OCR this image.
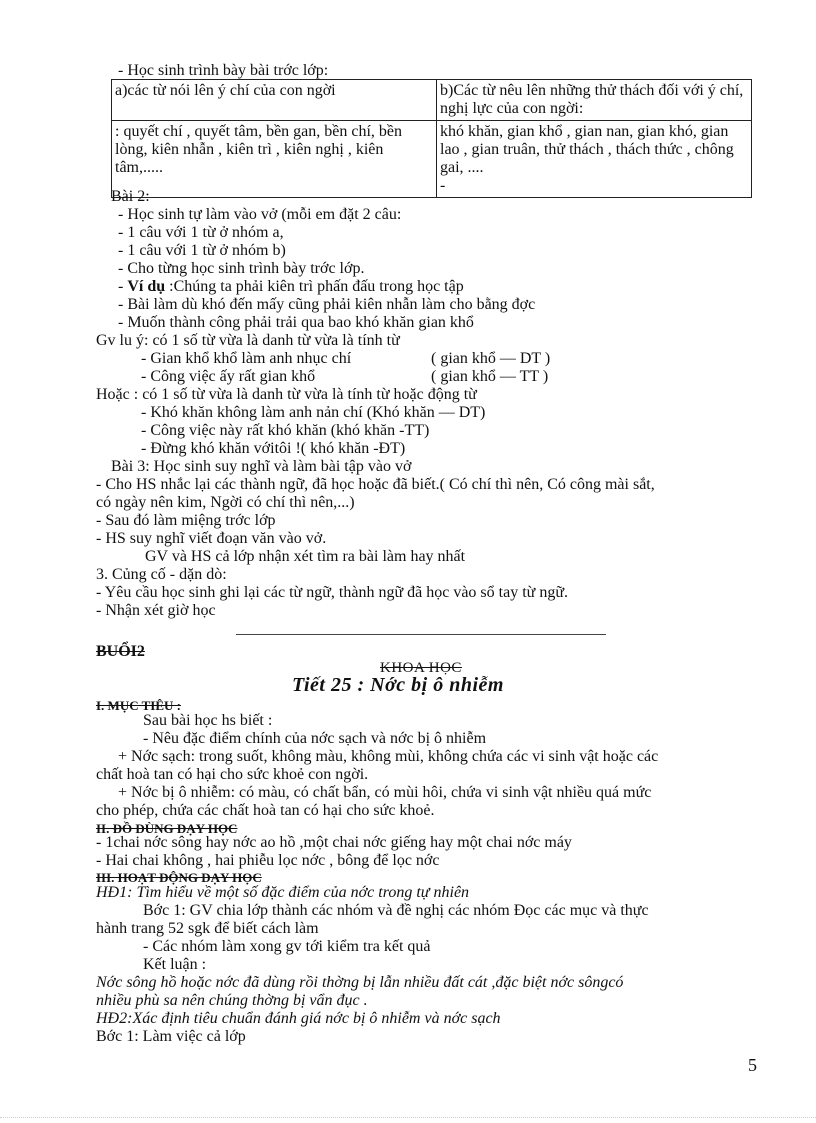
- Học sinh trình bày bài trớc lớp:
a)các từ nói lên ý chí của con ngời	b)Các từ nêu lên những thử thách đối với ý chí, nghị lực của con ngời:
: quyết chí , quyết tâm, bền gan, bền chí, bền lòng, kiên nhẫn , kiên trì , kiên nghị , kiên tâm,.....	khó khăn, gian khổ , gian nan, gian khó, gian lao , gian truân, thử thách , thách thức , chông gai, ....
-
Bài 2:
- Học sinh tự làm vào vở (mỗi em đặt 2 câu:
- 1 câu với 1 từ ở nhóm a,
- 1 câu với 1 từ ở nhóm b)
- Cho từng học sinh trình bày trớc lớp.
- Ví dụ :Chúng ta phải kiên trì phấn đấu trong học tập
- Bài làm dù khó đến mấy cũng phải kiên nhẫn làm cho bằng đợc
- Muốn thành công phải trải qua bao khó khăn gian khổ
Gv lu ý: có 1 số từ vừa là danh từ vừa là tính từ
- Gian khổ khổ làm anh nhục chí	( gian khổ — DT )
- Công việc ấy rất gian khổ	( gian khổ — TT )
Hoặc : có 1 số từ vừa là danh từ vừa là tính từ hoặc động từ
- Khó khăn không làm anh nản chí (Khó khăn — DT)
- Công việc này rất khó khăn (khó khăn -TT)
- Đừng khó khăn vớitôi !( khó khăn -ĐT)
Bài 3: Học sinh suy nghĩ và làm bài tập vào vở
- Cho HS nhắc lại các thành ngữ, đã học hoặc đã biết.( Có chí thì nên, Có công mài sắt,
có ngày nên kim, Ngời có chí thì nên,...)
- Sau đó làm miệng trớc lớp
- HS suy nghĩ viết đoạn văn vào vở.
GV và HS cả lớp nhận xét tìm ra bài làm hay nhất
3. Củng cố - dặn dò:
- Yêu cầu học sinh ghi lại các từ ngữ, thành ngữ đã học vào sổ tay từ ngữ.
- Nhận xét giờ học
BUỔI2
KHOA HỌC
Tiết 25 : Nớc bị ô nhiễm
I. MỤC TIÊU :
Sau bài học hs biết :
- Nêu đặc điểm chính của nớc sạch và nớc bị ô nhiễm
+ Nớc sạch: trong suốt, không màu, không mùi, không chứa các vi sinh vật hoặc các
chất hoà tan có hại cho sức khoẻ con ngời.
+ Nớc bị ô nhiễm: có màu, có chất bẩn, có mùi hôi, chứa vi sinh vật nhiều quá mức
cho phép, chứa các chất hoà tan có hại cho sức khoẻ.
II. ĐỒ DÙNG DẠY HỌC
- 1chai nớc sông hay nớc ao hồ ,một chai nớc giếng hay một chai nớc máy
- Hai chai không , hai phiễu lọc nớc , bông để lọc nớc
III. HOẠT ĐỘNG DẠY HỌC
HĐ1: Tìm hiểu về một số đặc điểm của nớc trong tự nhiên
Bớc 1: GV chia lớp thành các nhóm và đề nghị các nhóm Đọc các mục và thực
hành trang 52 sgk để biết cách làm
- Các nhóm làm xong gv tới kiểm tra kết quả
Kết luận :
Nớc sông hồ hoặc nớc đã dùng rồi thờng bị lẫn nhiều đất cát ,đặc biệt nớc sôngcó
nhiều phù sa nên chúng thờng bị vẩn đục .
HĐ2:Xác định tiêu chuẩn đánh giá nớc bị ô nhiễm và nớc sạch
Bớc 1: Làm việc cả lớp
5
